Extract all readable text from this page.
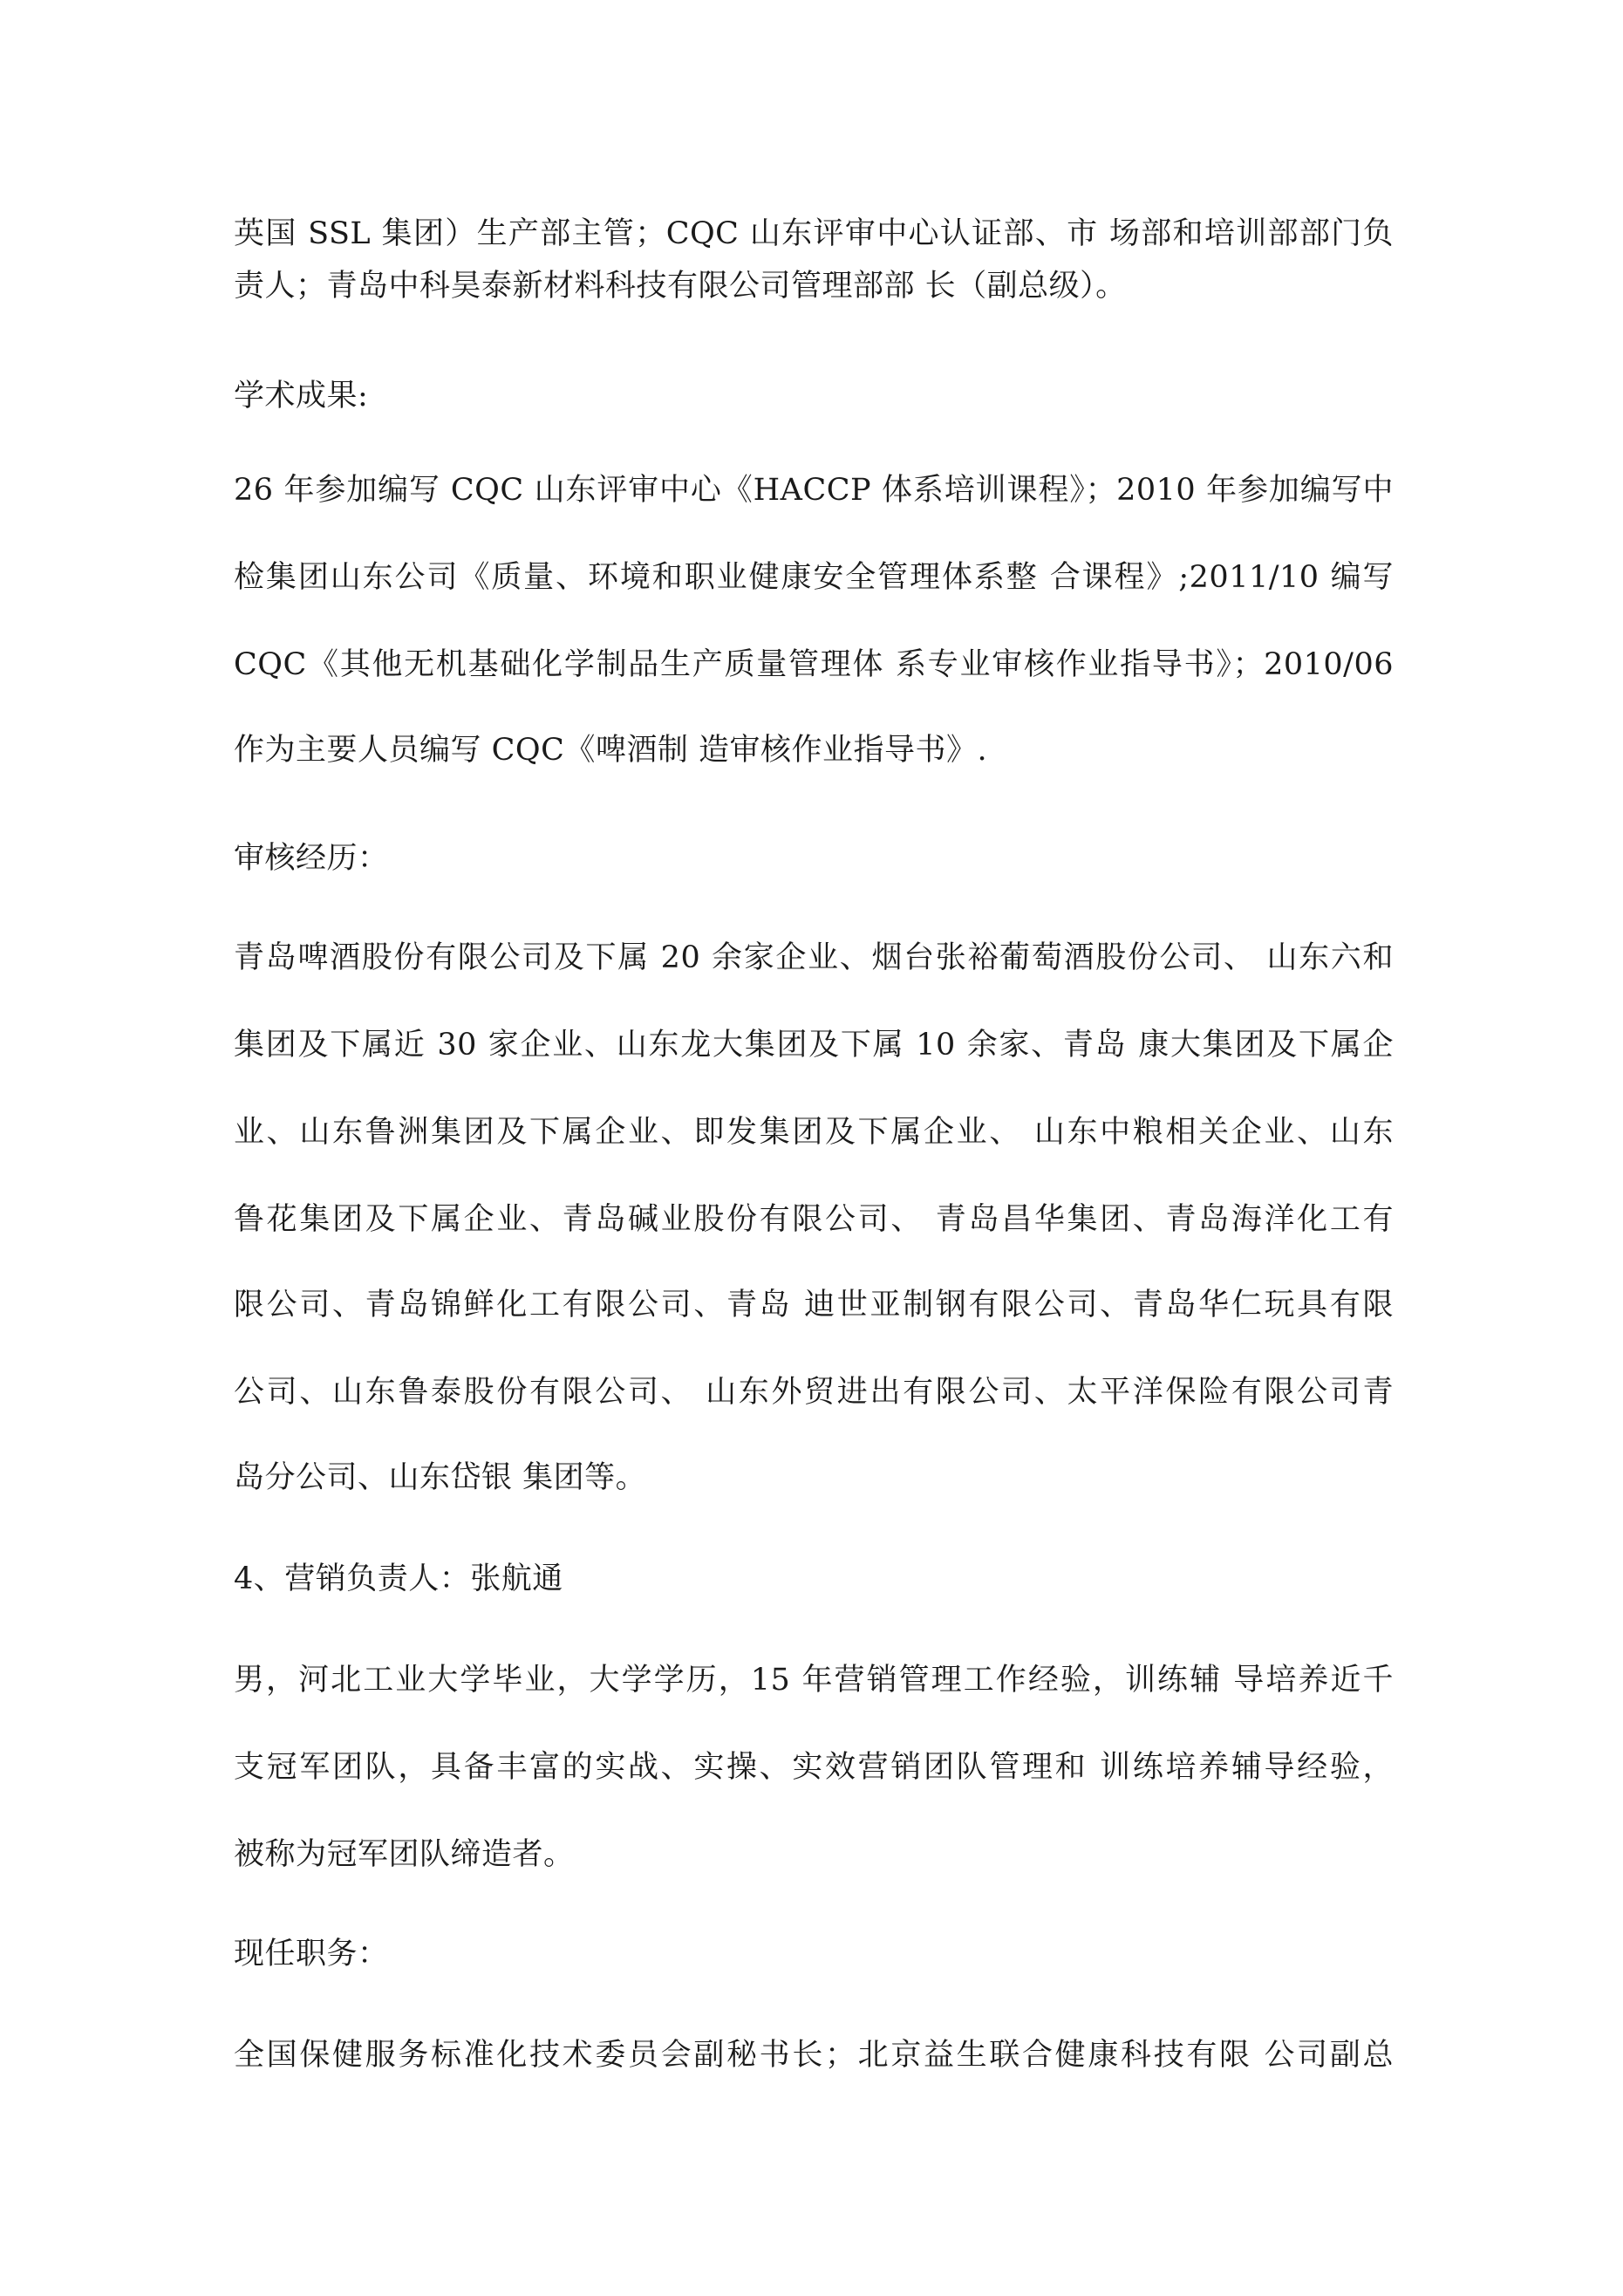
英国 SSL 集团）生产部主管；CQC 山东评审中心认证部、市 场部和培训部部门负
责人；青岛中科昊泰新材料科技有限公司管理部部 长（副总级）。
学术成果:
26 年参加编写 CQC 山东评审中心《HACCP 体系培训课程》；2010 年参加编写中
检集团山东公司《质量、环境和职业健康安全管理体系整 合课程》;2011/10 编写
CQC《其他无机基础化学制品生产质量管理体 系专业审核作业指导书》；2010/06
作为主要人员编写 CQC《啤酒制 造审核作业指导书》.
审核经历：
青岛啤酒股份有限公司及下属 20 余家企业、烟台张裕葡萄酒股份公司、 山东六和
集团及下属近 30 家企业、山东龙大集团及下属 10 余家、青岛 康大集团及下属企
业、山东鲁洲集团及下属企业、即发集团及下属企业、 山东中粮相关企业、山东
鲁花集团及下属企业、青岛碱业股份有限公司、 青岛昌华集团、青岛海洋化工有
限公司、青岛锦鲜化工有限公司、青岛 迪世亚制钢有限公司、青岛华仁玩具有限
公司、山东鲁泰股份有限公司、 山东外贸进出有限公司、太平洋保险有限公司青
岛分公司、山东岱银 集团等。
4、营销负责人：张航通
男，河北工业大学毕业，大学学历，15 年营销管理工作经验，训练辅 导培养近千
支冠军团队，具备丰富的实战、实操、实效营销团队管理和 训练培养辅导经验，
被称为冠军团队缔造者。
现任职务：
全国保健服务标准化技术委员会副秘书长；北京益生联合健康科技有限 公司副总
